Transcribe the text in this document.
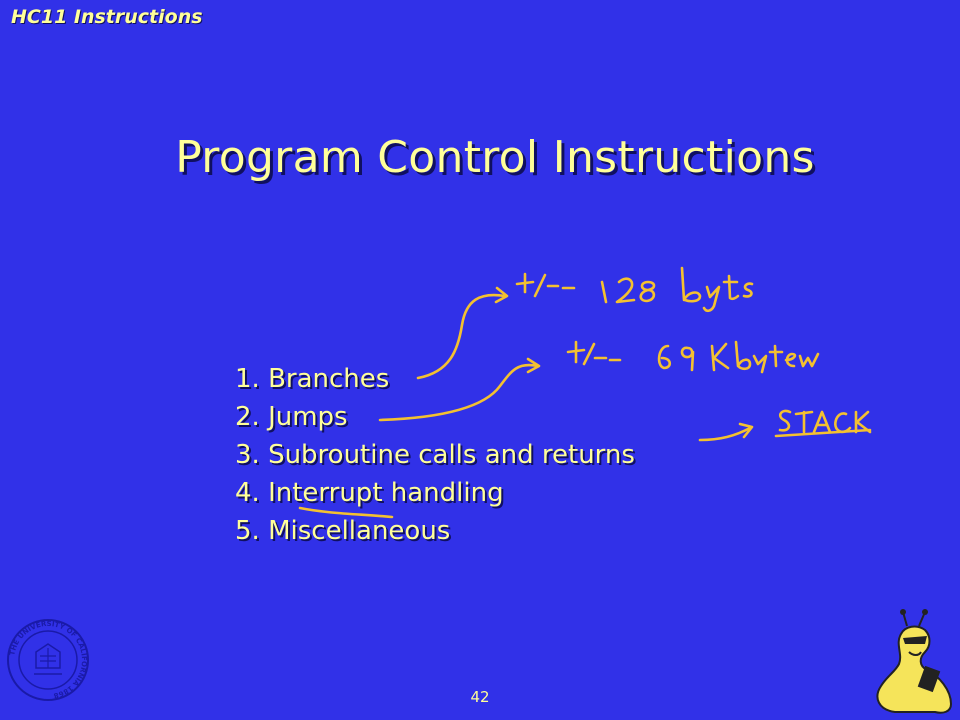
HC11 Instructions
Program Control Instructions
1. Branches
2. Jumps
3. Subroutine calls and returns
4. Interrupt handling
5. Miscellaneous
THE UNIVERSITY OF CALIFORNIA 1868	42
